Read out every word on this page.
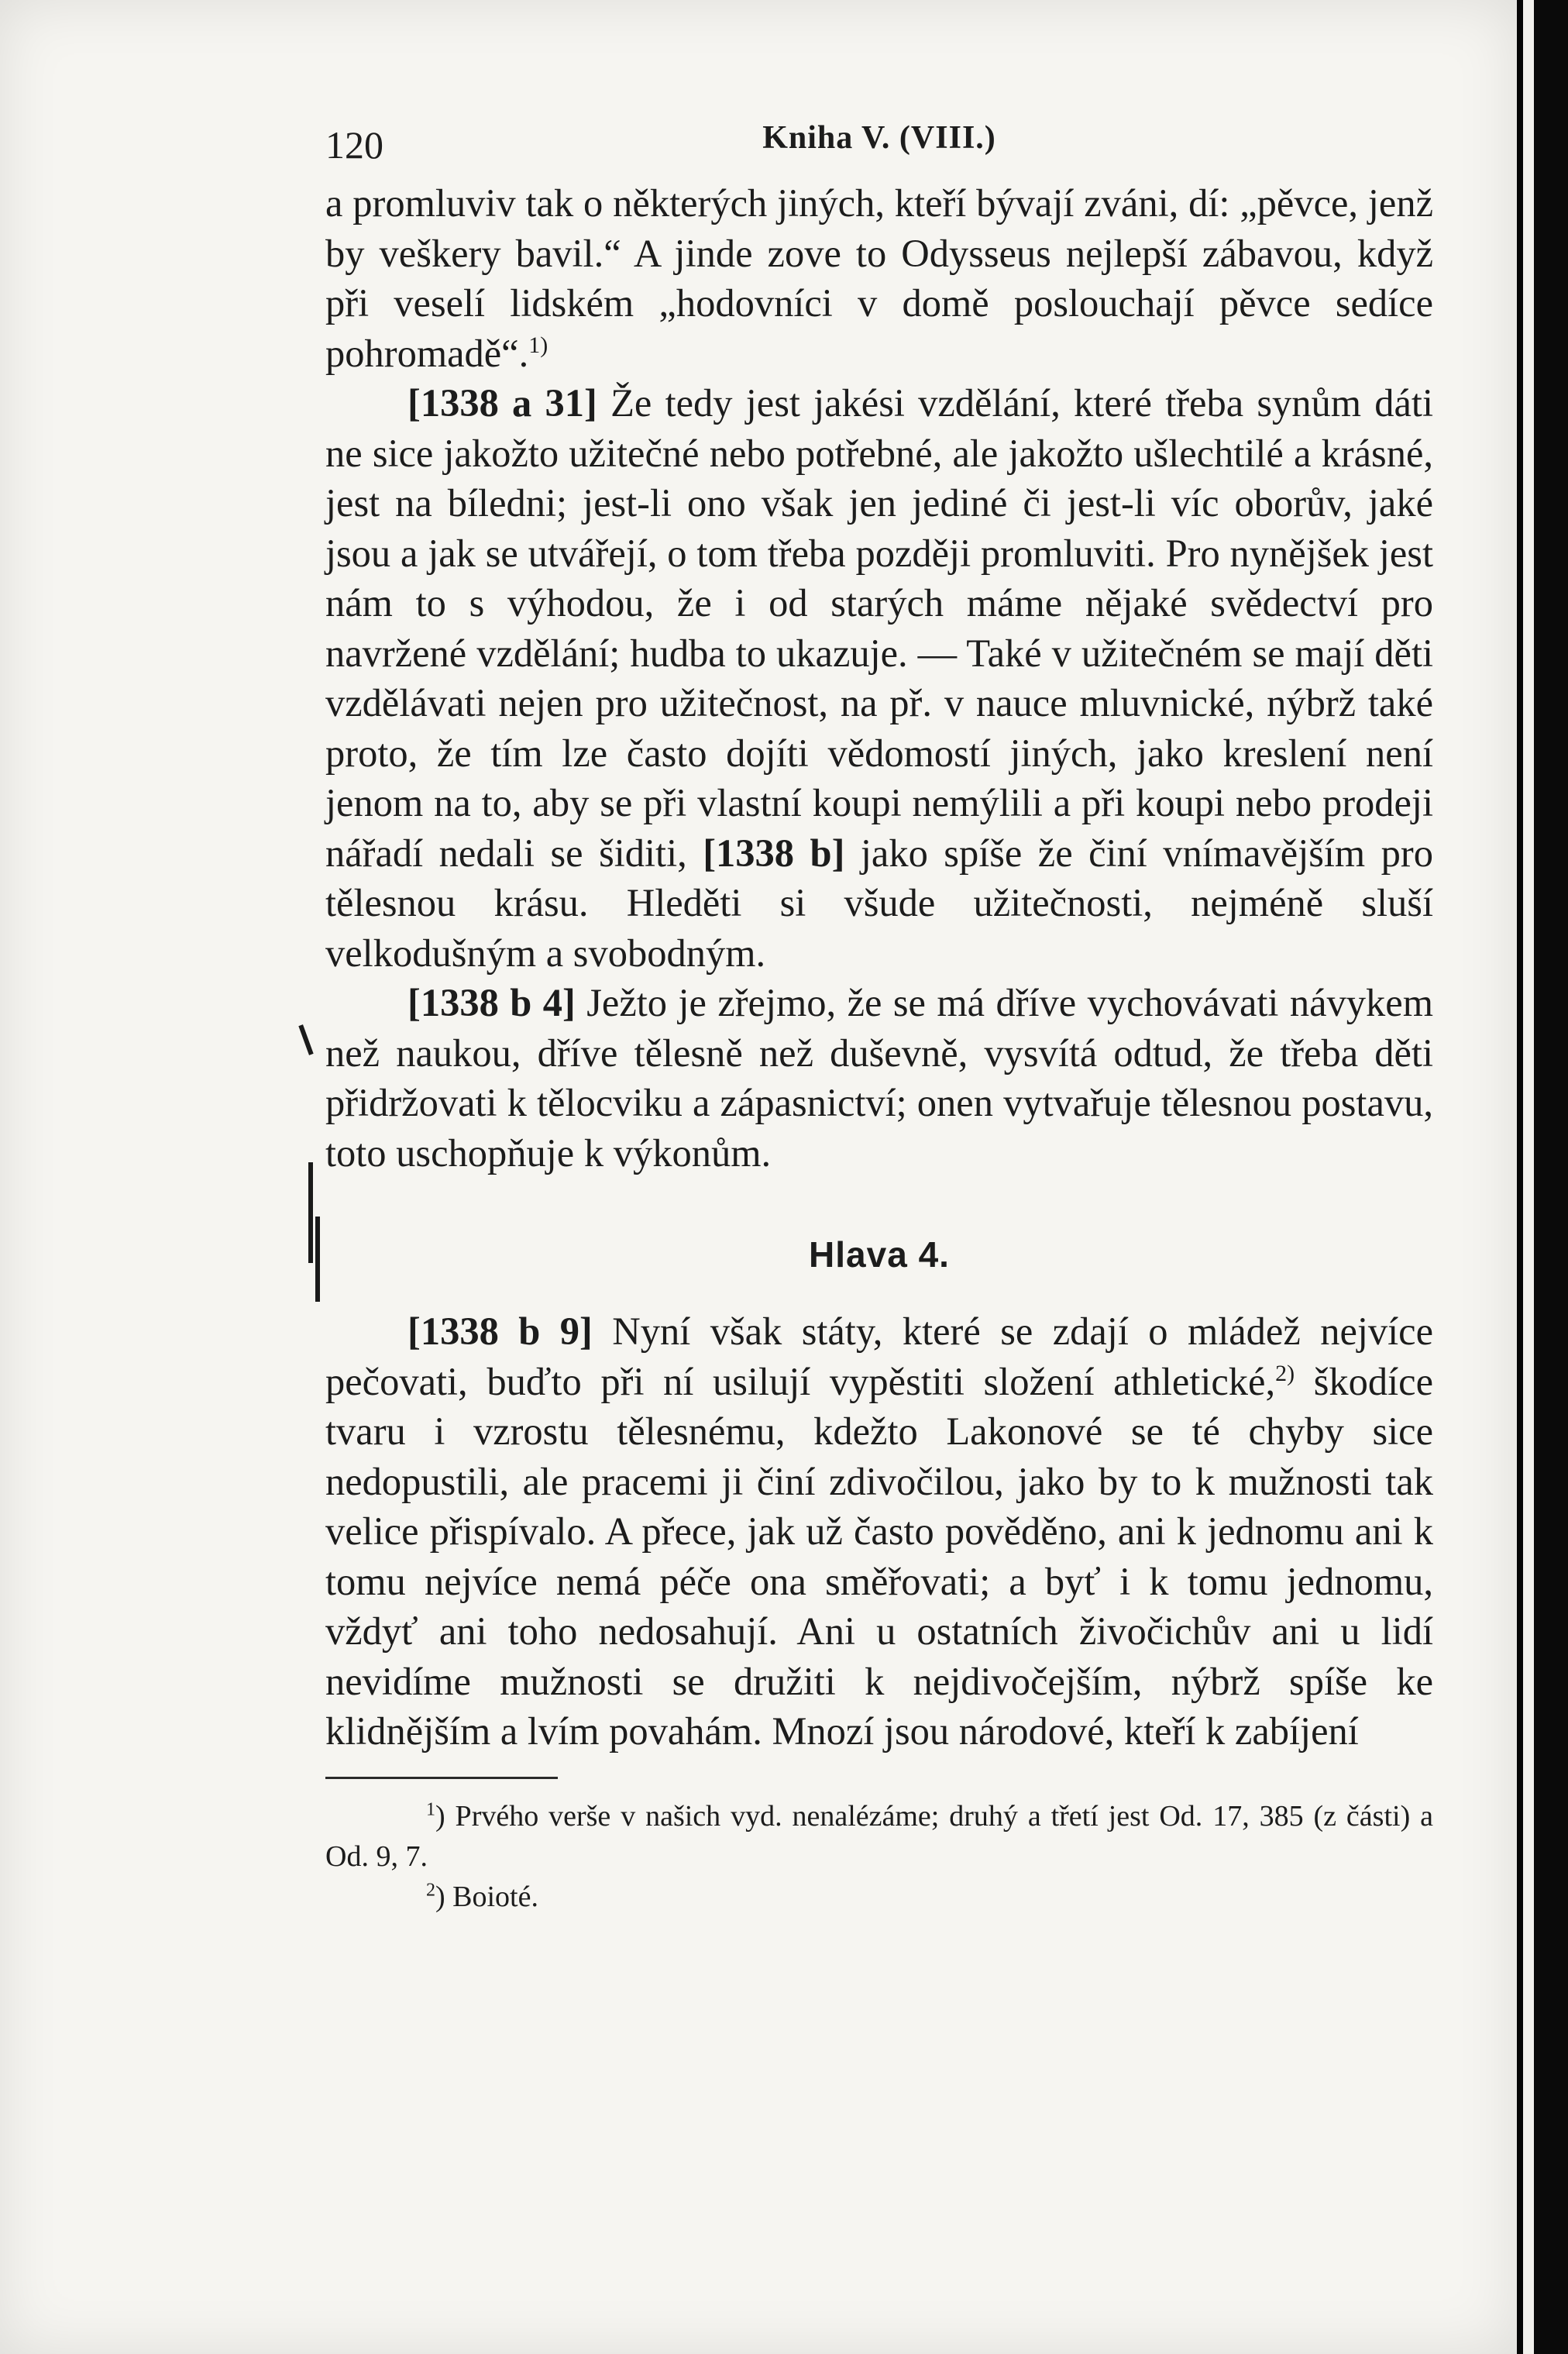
120	Kniha V. (VIII.)

a promluviv tak o některých jiných, kteří bývají zváni, dí: „pěvce, jenž by veškery bavil.“ A jinde zove to Odysseus nejlepší zábavou, když při veselí lidském „hodovníci v domě poslouchají pěvce sedíce pohromadě“.$^{1)}$

[1338 a 31] Že tedy jest jakési vzdělání, které třeba synům dáti ne sice jakožto užitečné nebo potřebné, ale jakožto ušlechtilé a krásné, jest na bíledni; jest-li ono však jen jediné či jest-li víc oborův, jaké jsou a jak se utvářejí, o tom třeba později promluviti. Pro nynějšek jest nám to s výhodou, že i od starých máme nějaké svědectví pro navržené vzdělání; hudba to ukazuje. — Také v užitečném se mají děti vzdělávati nejen pro užitečnost, na př. v nauce mluvnické, nýbrž také proto, že tím lze často dojíti vědomostí jiných, jako kreslení není jenom na to, aby se při vlastní koupi nemýlili a při koupi nebo prodeji nářadí nedali se šiditi, [1338 b] jako spíše že činí vnímavějším pro tělesnou krásu. Hleděti si všude užitečnosti, nejméně sluší velkodušným a svobodným.

[1338 b 4] Ježto je zřejmo, že se má dříve vychovávati návykem než naukou, dříve tělesně než duševně, vysvítá odtud, že třeba děti přidržovati k tělocviku a zápasnictví; onen vytvařuje tělesnou postavu, toto uschopňuje k výkonům.

Hlava 4.

[1338 b 9] Nyní však státy, které se zdají o mládež nejvíce pečovati, buďto při ní usilují vypěstiti složení athletické,$^{2)}$ škodíce tvaru i vzrostu tělesnému, kdežto Lakonové se té chyby sice nedopustili, ale pracemi ji činí zdivočilou, jako by to k mužnosti tak velice přispívalo. A přece, jak už často pověděno, ani k jednomu ani k tomu nejvíce nemá péče ona směřovati; a byť i k tomu jednomu, vždyť ani toho nedosahují. Ani u ostatních živočichův ani u lidí nevidíme mužnosti se družiti k nejdivočejším, nýbrž spíše ke klidnějším a lvím povahám. Mnozí jsou národové, kteří k zabíjení

$^1$) Prvého verše v našich vyd. nenalézáme; druhý a třetí jest Od. 17, 385 (z části) a Od. 9, 7.

$^2$) Boioté.
